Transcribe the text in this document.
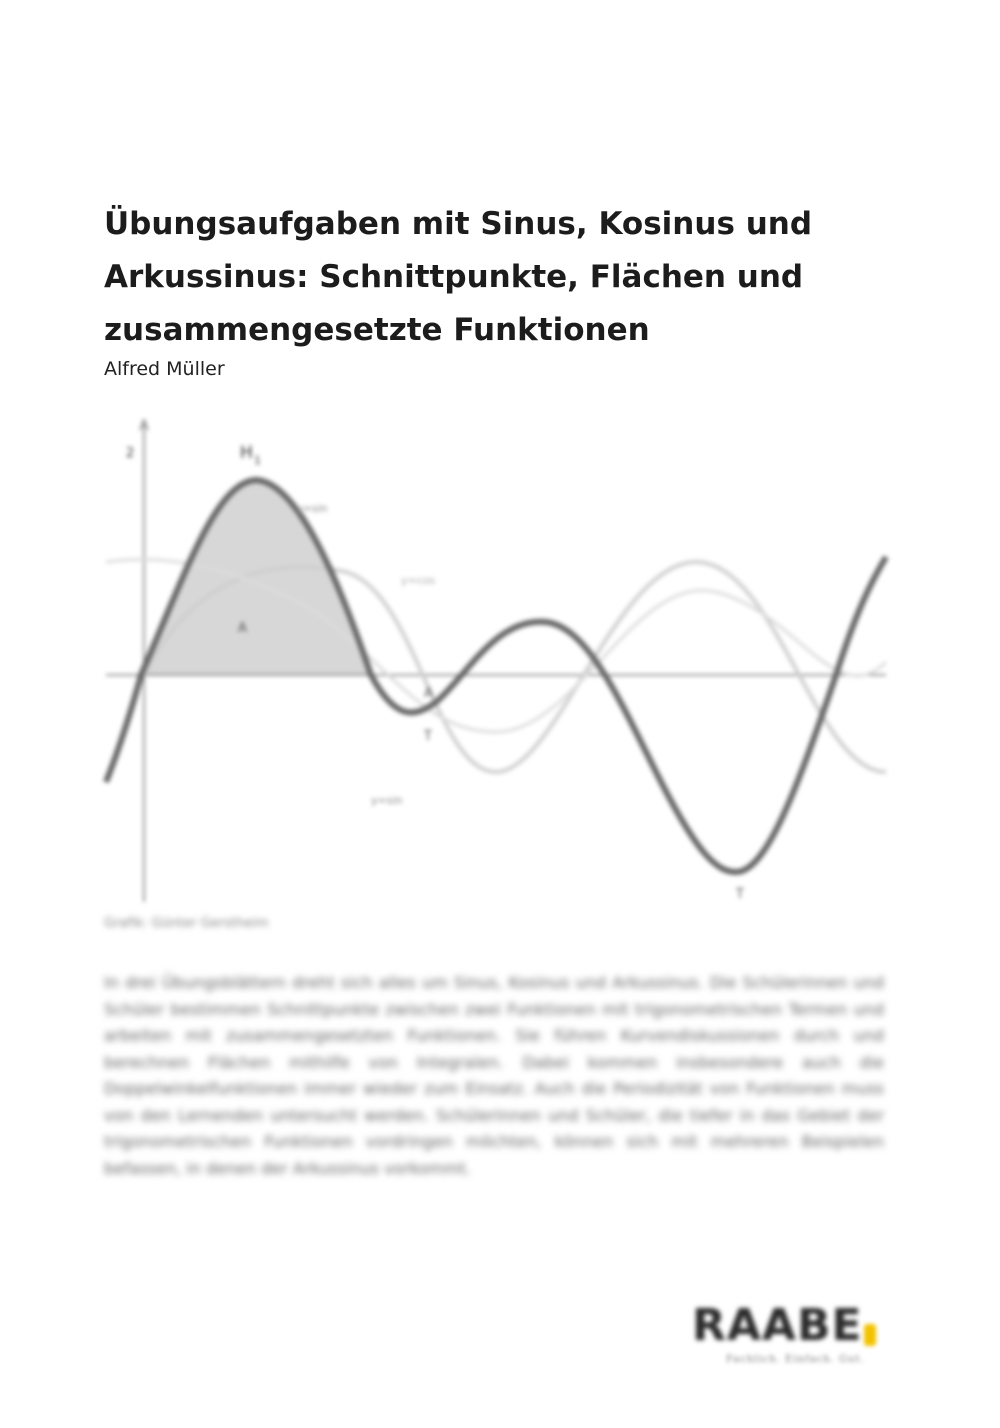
Übungsaufgaben mit Sinus, Kosinus und Arkussinus: Schnittpunkte, Flächen und zusammengesetzte Funktionen
Alfred Müller
2	H 1
y=sin
y=cos
A
A
y=sin
T
T
Grafik: Günter Gerstheim

In drei Übungsblättern dreht sich alles um Sinus, Kosinus und Arkussinus. Die Schülerinnen und Schüler bestimmen Schnittpunkte zwischen zwei Funktionen mit trigonometrischen Termen und arbeiten mit zusammengesetzten Funktionen. Sie führen Kurvendiskussionen durch und berechnen Flächen mithilfe von Integralen. Dabei kommen insbesondere auch die Doppelwinkelfunktionen immer wieder zum Einsatz. Auch die Periodizität von Funktionen muss von den Lernenden untersucht werden. Schülerinnen und Schüler, die tiefer in das Gebiet der trigonometrischen Funktionen vordringen möchten, können sich mit mehreren Beispielen befassen, in denen der Arkussinus vorkommt.

RAABE
Fachlich. Einfach. Gut.
